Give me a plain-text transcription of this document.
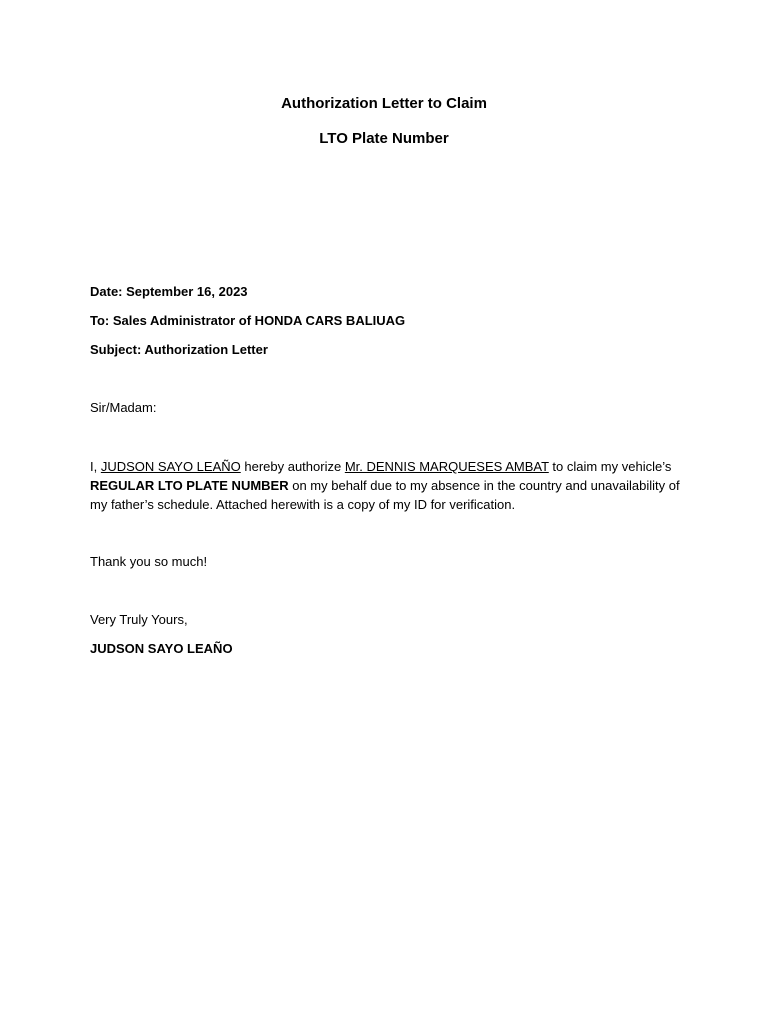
Authorization Letter to Claim
LTO Plate Number

Date: September 16, 2023

To: Sales Administrator of HONDA CARS BALIUAG

Subject: Authorization Letter

Sir/Madam:

I, JUDSON SAYO LEAÑO hereby authorize Mr. DENNIS MARQUESES AMBAT to claim my vehicle’s REGULAR LTO PLATE NUMBER on my behalf due to my absence in the country and unavailability of my father’s schedule. Attached herewith is a copy of my ID for verification.

Thank you so much!

Very Truly Yours,

JUDSON SAYO LEAÑO
